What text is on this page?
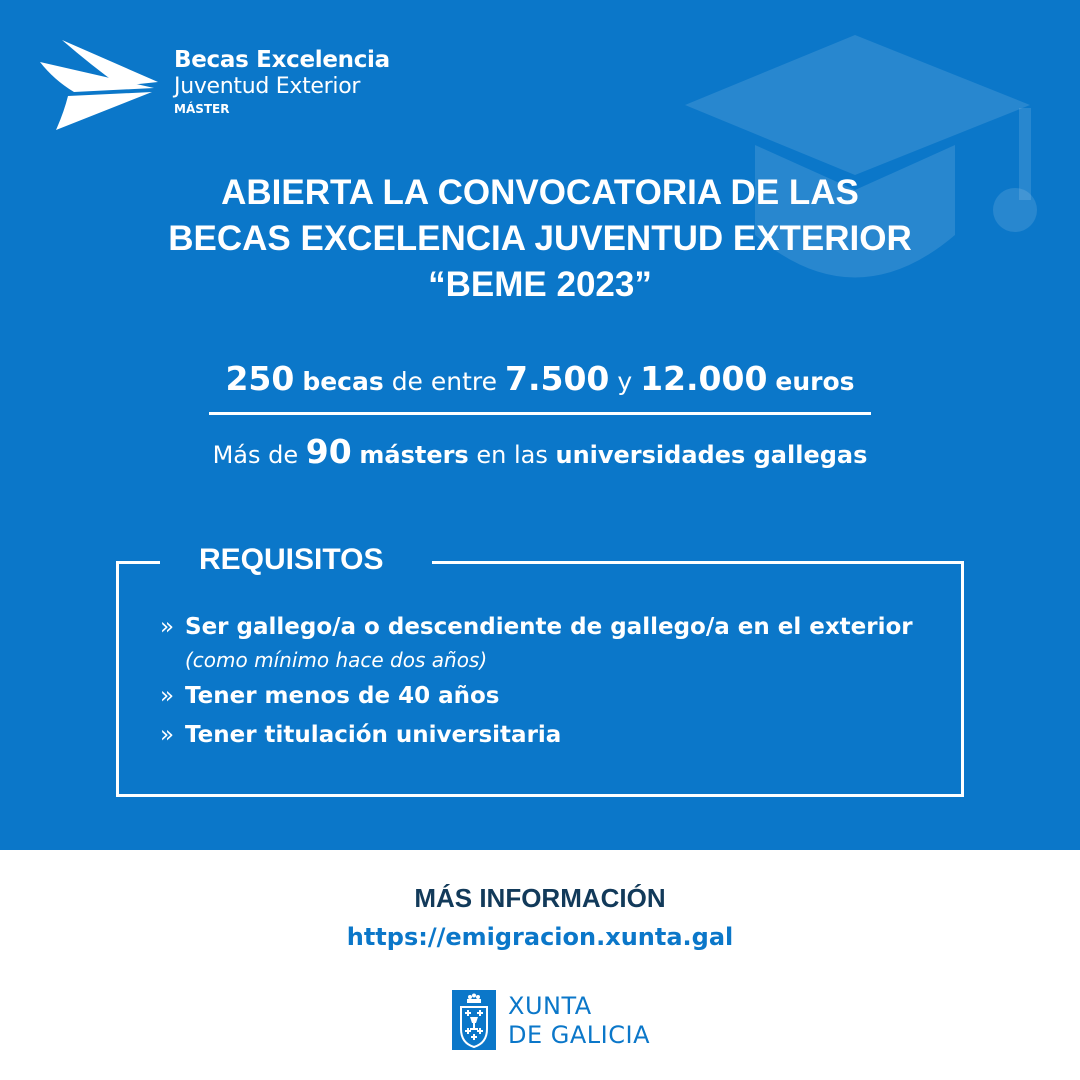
Becas Excelencia
Juventud Exterior
MÁSTER
ABIERTA LA CONVOCATORIA DE LAS
BECAS EXCELENCIA JUVENTUD EXTERIOR
“BEME 2023”
250 becas de entre 7.500 y 12.000 euros
Más de 90 másters en las universidades gallegas
REQUISITOS
» Ser gallego/a o descendiente de gallego/a en el exterior
(como mínimo hace dos años)
» Tener menos de 40 años
» Tener titulación universitaria
MÁS INFORMACIÓN
https://emigracion.xunta.gal
XUNTA
DE GALICIA
